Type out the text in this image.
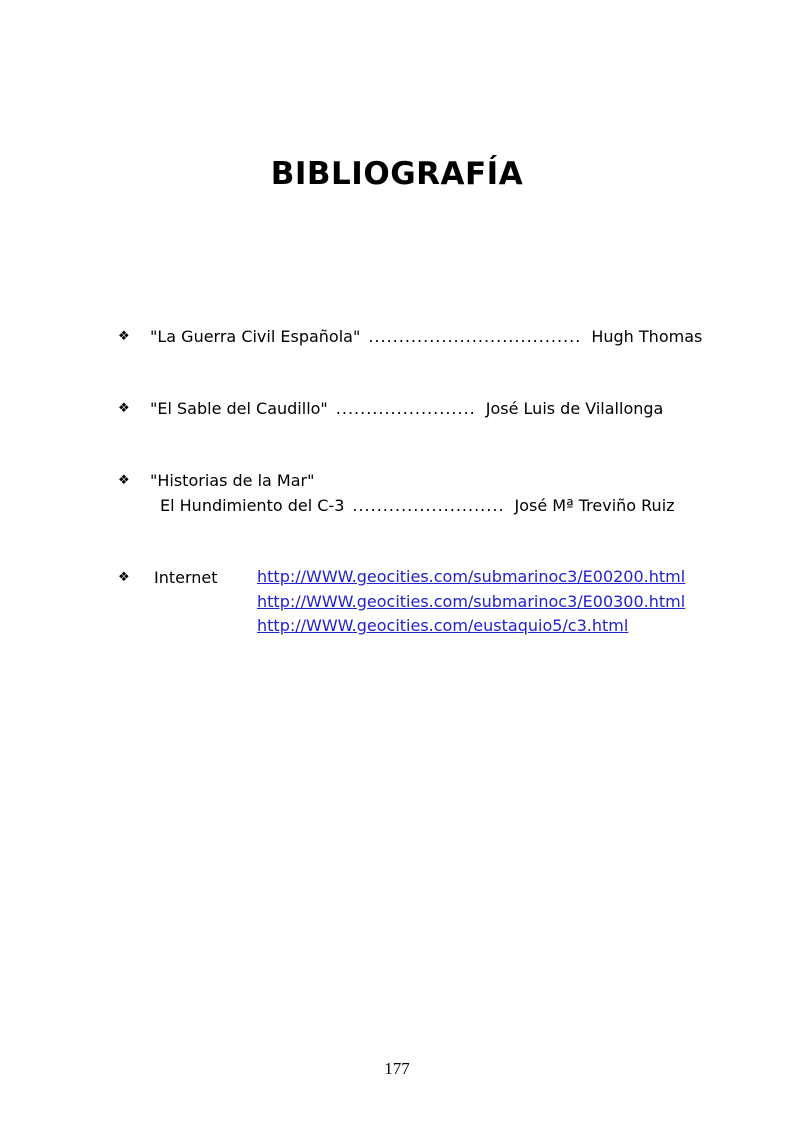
BIBLIOGRAFÍA
❖	"La Guerra Civil Española" ................................... Hugh Thomas
❖	"El Sable del Caudillo" ....................... José Luis de Vilallonga
❖	"Historias de la Mar"
El Hundimiento del C-3 ......................... José Mª Treviño Ruiz
❖	Internet	http://WWW.geocities.com/submarinoc3/E00200.html
http://WWW.geocities.com/submarinoc3/E00300.html
http://WWW.geocities.com/eustaquio5/c3.html
177
